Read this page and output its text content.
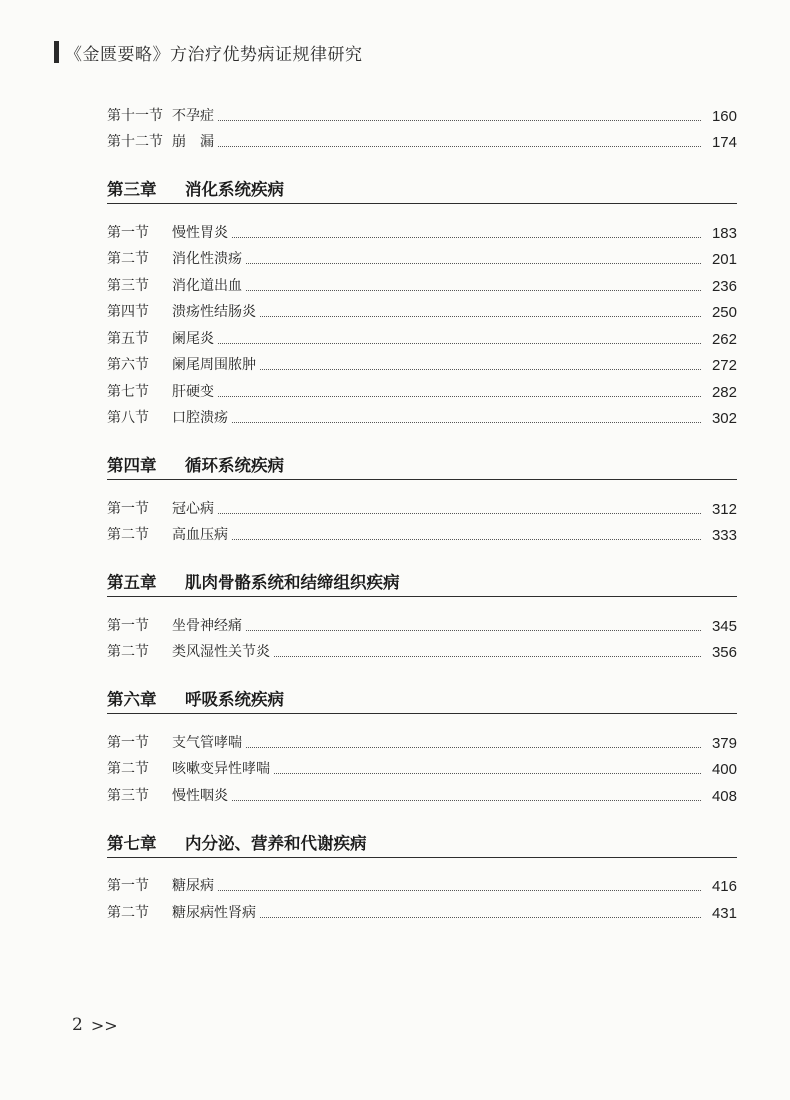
《金匮要略》方治疗优势病证规律研究
第十一节 不孕症	160
第十二节 崩　漏	174
第三章	消化系统疾病
第一节	慢性胃炎	183
第二节	消化性溃疡	201
第三节	消化道出血	236
第四节	溃疡性结肠炎	250
第五节	阑尾炎	262
第六节	阑尾周围脓肿	272
第七节	肝硬变	282
第八节	口腔溃疡	302
第四章	循环系统疾病
第一节	冠心病	312
第二节	高血压病	333
第五章	肌肉骨骼系统和结缔组织疾病
第一节	坐骨神经痛	345
第二节	类风湿性关节炎	356
第六章	呼吸系统疾病
第一节	支气管哮喘	379
第二节	咳嗽变异性哮喘	400
第三节	慢性咽炎	408
第七章	内分泌、营养和代谢疾病
第一节	糖尿病	416
第二节	糖尿病性肾病	431
2 >>
